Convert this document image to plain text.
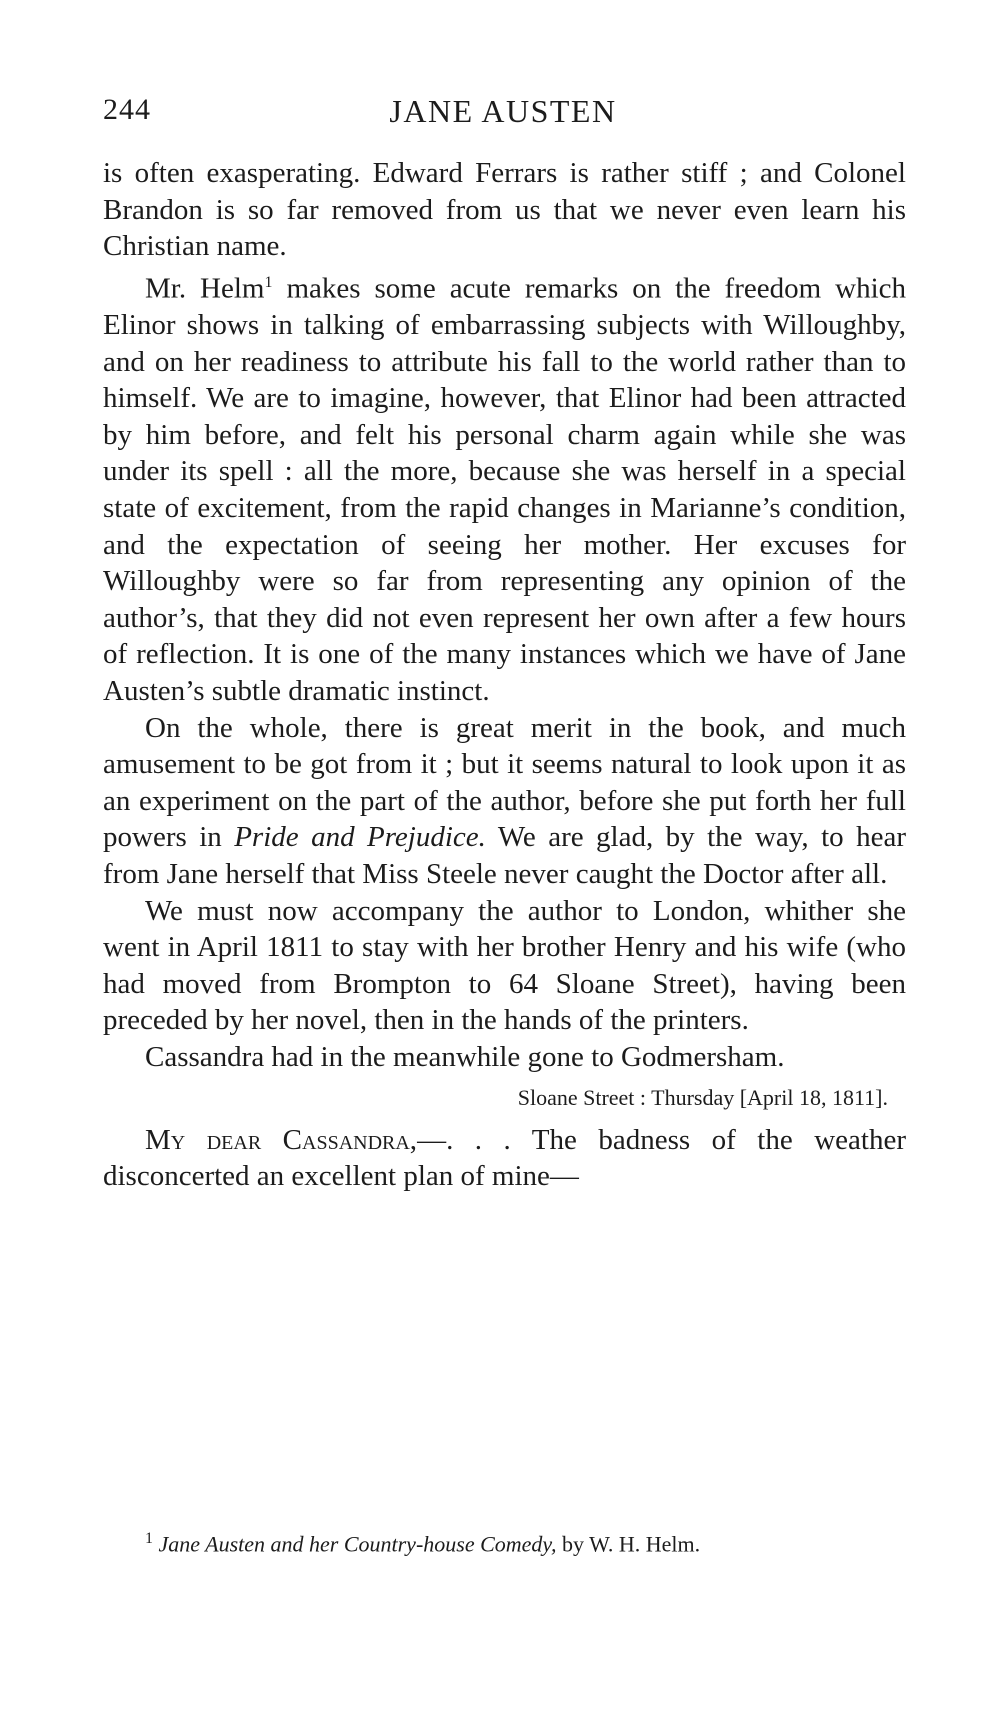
244	JANE AUSTEN

is often exasperating. Edward Ferrars is rather stiff ; and Colonel Brandon is so far removed from us that we never even learn his Christian name.

Mr. Helm$^1$ makes some acute remarks on the freedom which Elinor shows in talking of embarrassing subjects with Willoughby, and on her readiness to attribute his fall to the world rather than to himself. We are to imagine, however, that Elinor had been attracted by him before, and felt his personal charm again while she was under its spell : all the more, because she was herself in a special state of excitement, from the rapid changes in Marianne’s condition, and the expectation of seeing her mother. Her excuses for Willoughby were so far from representing any opinion of the author’s, that they did not even represent her own after a few hours of reflection. It is one of the many instances which we have of Jane Austen’s subtle dramatic instinct.

On the whole, there is great merit in the book, and much amusement to be got from it ; but it seems natural to look upon it as an experiment on the part of the author, before she put forth her full powers in Pride and Prejudice. We are glad, by the way, to hear from Jane herself that Miss Steele never caught the Doctor after all.

We must now accompany the author to London, whither she went in April 1811 to stay with her brother Henry and his wife (who had moved from Brompton to 64 Sloane Street), having been preceded by her novel, then in the hands of the printers.

Cassandra had in the meanwhile gone to Godmersham.

Sloane Street : Thursday [April 18, 1811].

My dear Cassandra,—. . . The badness of the weather disconcerted an excellent plan of mine—

$^1$ Jane Austen and her Country-house Comedy, by W. H. Helm.
